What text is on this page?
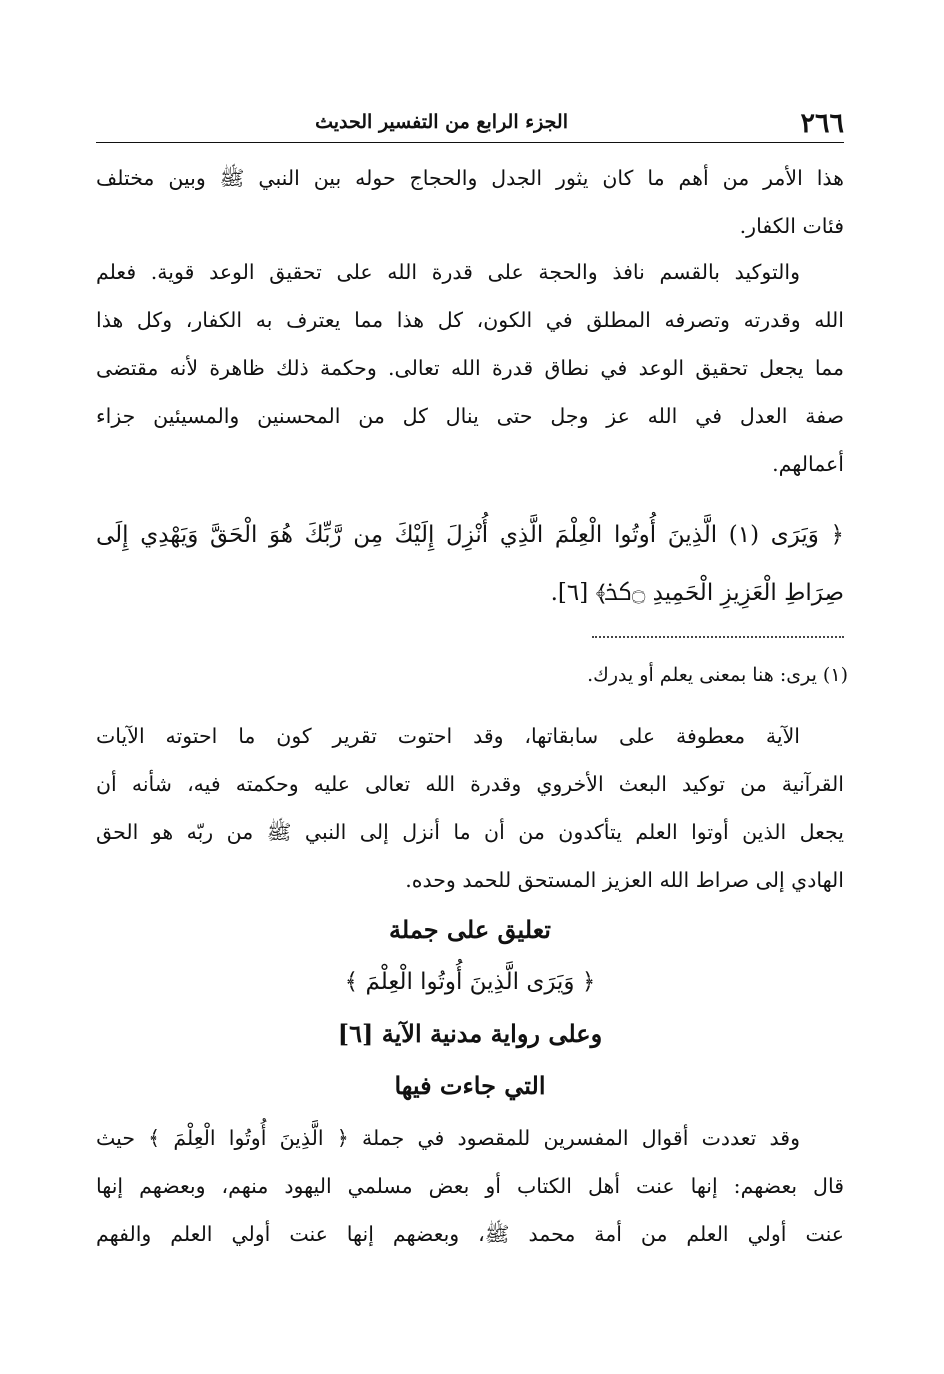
٢٦٦
الجزء الرابع من التفسير الحديث
هذا الأمر من أهم ما كان يثور الجدل والحجاج حوله بين النبي ﷺ وبين مختلف
فئات الكفار.
والتوكيد بالقسم نافذ والحجة على قدرة الله على تحقيق الوعد قوية. فعلم
الله وقدرته وتصرفه المطلق في الكون، كل هذا مما يعترف به الكفار، وكل هذا
مما يجعل تحقيق الوعد في نطاق قدرة الله تعالى. وحكمة ذلك ظاهرة لأنه مقتضى
صفة العدل في الله عز وجل حتى ينال كل من المحسنين والمسيئين جزاء
أعمالهم.
﴿ وَيَرَى (١) الَّذِينَ أُوتُوا الْعِلْمَ الَّذِي أُنْزِلَ إِلَيْكَ مِن رَّبِّكَ هُوَ الْحَقَّ وَيَهْدِي إِلَى
صِرَاطِ الْعَزِيزِ الْحَمِيدِ ۝ﳆ﴾ [٦].
(١) يرى: هنا بمعنى يعلم أو يدرك.
الآية معطوفة على سابقاتها، وقد احتوت تقرير كون ما احتوته الآيات
القرآنية من توكيد البعث الأخروي وقدرة الله تعالى عليه وحكمته فيه، شأنه أن
يجعل الذين أوتوا العلم يتأكدون من أن ما أنزل إلى النبي ﷺ من ربّه هو الحق
الهادي إلى صراط الله العزيز المستحق للحمد وحده.
تعليق على جملة
﴿ وَيَرَى الَّذِينَ أُوتُوا الْعِلْمَ ﴾
وعلى رواية مدنية الآية [٦]
التي جاءت فيها
وقد تعددت أقوال المفسرين للمقصود في جملة ﴿ الَّذِينَ أُوتُوا الْعِلْمَ ﴾ حيث
قال بعضهم: إنها عنت أهل الكتاب أو بعض مسلمي اليهود منهم، وبعضهم إنها
عنت أولي العلم من أمة محمد ﷺ، وبعضهم إنها عنت أولي العلم والفهم
